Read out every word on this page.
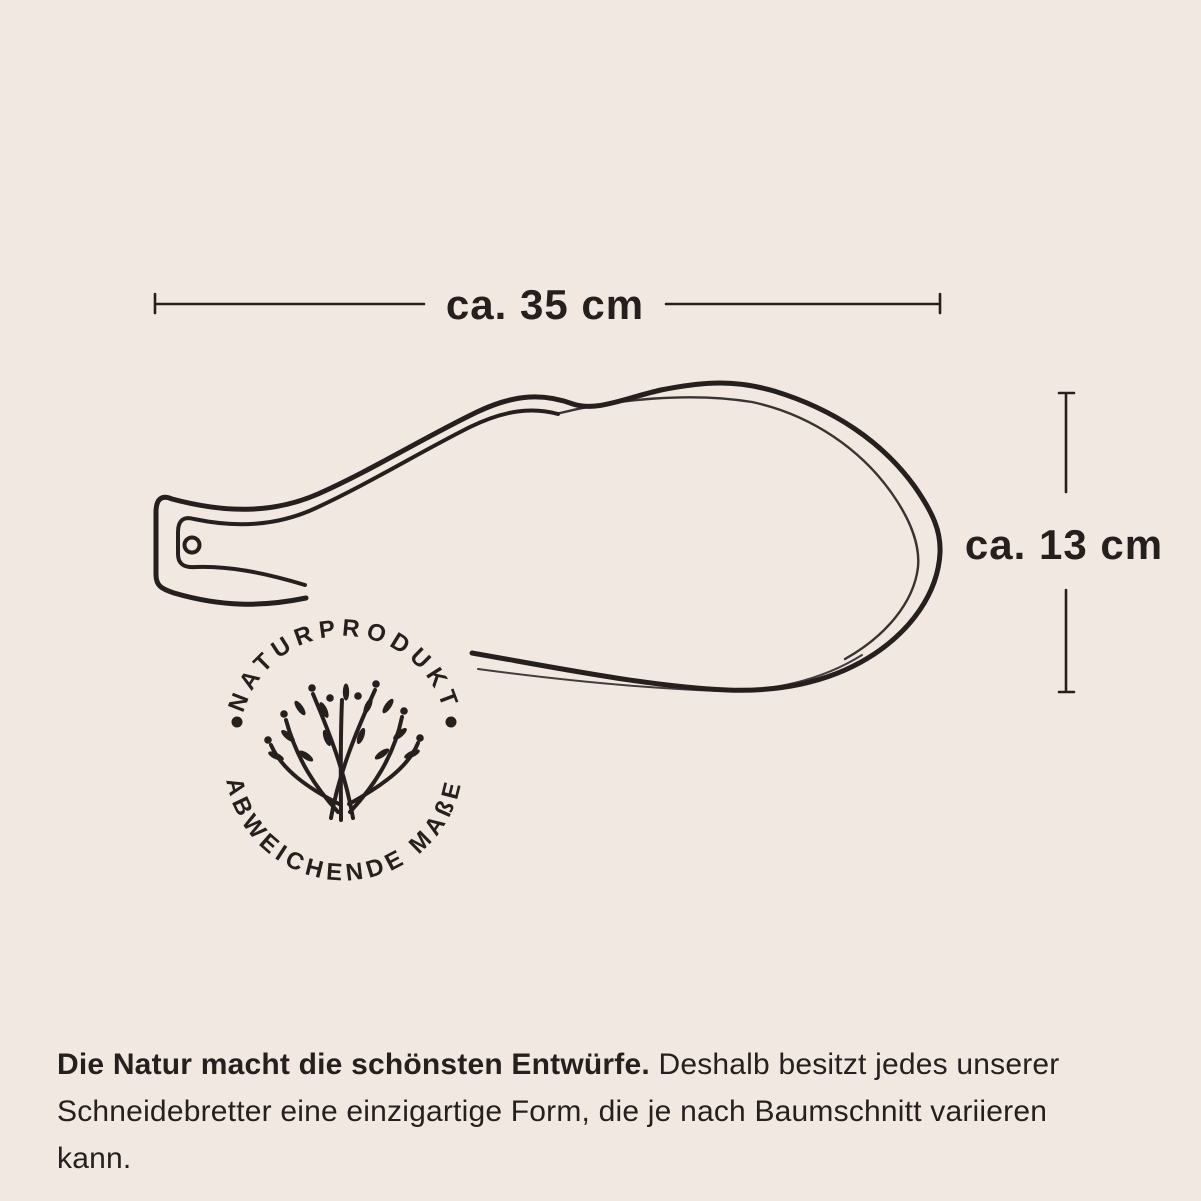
ca. 35 cm
ca. 13 cm
NATURPRODUKT
ABWEICHENDE MAßE
Die Natur macht die schönsten Entwürfe. Deshalb besitzt jedes unserer Schneidebretter eine einzigartige Form, die je nach Baumschnitt variieren kann.
